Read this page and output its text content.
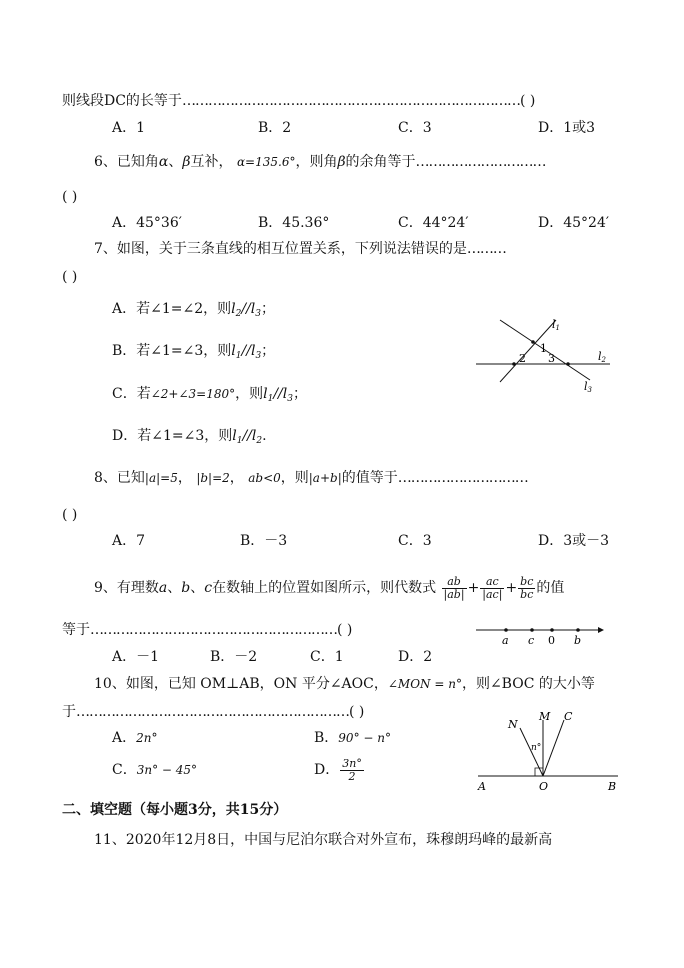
则线段DC的长等于……………………………………………………………………( )
A．1	B．2	C．3	D．1或3
6、已知角α、β互补， α=135.6°，则角β的余角等于…………………………
( )
A．45°36′	B．45.36°	C．44°24′	D．45°24′
7、如图，关于三条直线的相互位置关系，下列说法错误的是………
( )
A．若∠1=∠2，则$l_2//l_3$；
B．若∠1=∠3，则$l_1//l_3$；
C．若∠2+∠3=180°，则$l_1//l_3$；
D．若∠1=∠3，则$l_1//l_2$.
l1
l2
l3
1
2 3
8、已知|a|=5， |b|=2， ab<0，则|a+b|的值等于…………………………
( )
A．7	B．－3	C．3	D．3或－3
9、有理数a、b、c在数轴上的位置如图所示，则代数式 $\frac{ab}{|ab|} + \frac{ac}{|ac|} + \frac{bc}{bc}$ 的值
等于…………………………………………………( )
a c 0 b
A．－1	B．－2	C．1	D．2
10、如图，已知 OM⊥AB，ON 平分∠AOC，∠MON = n°，则∠BOC 的大小等
于………………………………………………………( )
A．2n°	B．90° − n°
C．3n° − 45°	D． $\frac{3n^\circ}{2}$
N
M C
A	O	B
n°
二、填空题（每小题3分，共15分）
11、2020年12月8日，中国与尼泊尔联合对外宣布，珠穆朗玛峰的最新高
